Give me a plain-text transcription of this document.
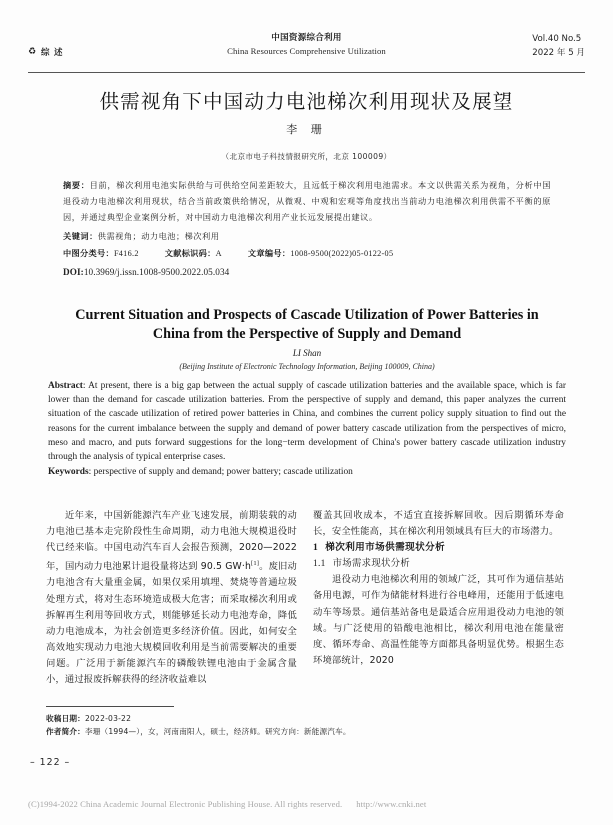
♻ 综 述
中国资源综合利用
China Resources Comprehensive Utilization
Vol.40 No.5
2022 年 5 月
供需视角下中国动力电池梯次利用现状及展望
李 珊
（北京市电子科技情报研究所，北京 100009）
摘要：目前，梯次利用电池实际供给与可供给空间差距较大，且远低于梯次利用电池需求。本文以供需关系为视角，分析中国退役动力电池梯次利用现状，结合当前政策供给情况，从微观、中观和宏观等角度找出当前动力电池梯次利用供需不平衡的原因，并通过典型企业案例分析，对中国动力电池梯次利用产业长远发展提出建议。
关键词：供需视角；动力电池；梯次利用
中图分类号：F416.2	文献标识码：A	文章编号：1008-9500(2022)05-0122-05
DOI:10.3969/j.issn.1008-9500.2022.05.034
Current Situation and Prospects of Cascade Utilization of Power Batteries in China from the Perspective of Supply and Demand
LI Shan
(Beijing Institute of Electronic Technology Information, Beijing 100009, China)
Abstract: At present, there is a big gap between the actual supply of cascade utilization batteries and the available space, which is far lower than the demand for cascade utilization batteries. From the perspective of supply and demand, this paper analyzes the current situation of the cascade utilization of retired power batteries in China, and combines the current policy supply situation to find out the reasons for the current imbalance between the supply and demand of power battery cascade utilization from the perspectives of micro, meso and macro, and puts forward suggestions for the long−term development of China's power battery cascade utilization industry through the analysis of typical enterprise cases.
Keywords: perspective of supply and demand; power battery; cascade utilization

近年来，中国新能源汽车产业飞速发展，前期装载的动力电池已基本走完阶段性生命周期，动力电池大规模退役时代已经来临。中国电动汽车百人会报告预测，2020—2022 年，国内动力电池累计退役量将达到 90.5 GW·h[1]。废旧动力电池含有大量重金属，如果仅采用填埋、焚烧等普通垃圾处理方式，将对生态环境造成极大危害；而采取梯次利用或拆解再生利用等回收方式，则能够延长动力电池寿命，降低动力电池成本，为社会创造更多经济价值。因此，如何安全高效地实现动力电池大规模回收利用是当前需要解决的重要问题。广泛用于新能源汽车的磷酸铁锂电池由于金属含量小，通过报废拆解获得的经济收益难以

覆盖其回收成本，不适宜直接拆解回收。因后期循环寿命长，安全性能高，其在梯次利用领域具有巨大的市场潜力。

1 梯次利用市场供需现状分析

1.1 市场需求现状分析

退役动力电池梯次利用的领域广泛，其可作为通信基站备用电源，可作为储能材料进行谷电峰用，还能用于低速电动车等场景。通信基站备电是最适合应用退役动力电池的领域。与广泛使用的铅酸电池相比，梯次利用电池在能量密度、循环寿命、高温性能等方面都具备明显优势。根据生态环境部统计，2020

收稿日期：2022-03-22
作者简介：李珊（1994—），女，河南南阳人，硕士，经济师。研究方向：新能源汽车。
– 122 –
(C)1994-2022 China Academic Journal Electronic Publishing House. All rights reserved. http://www.cnki.net
